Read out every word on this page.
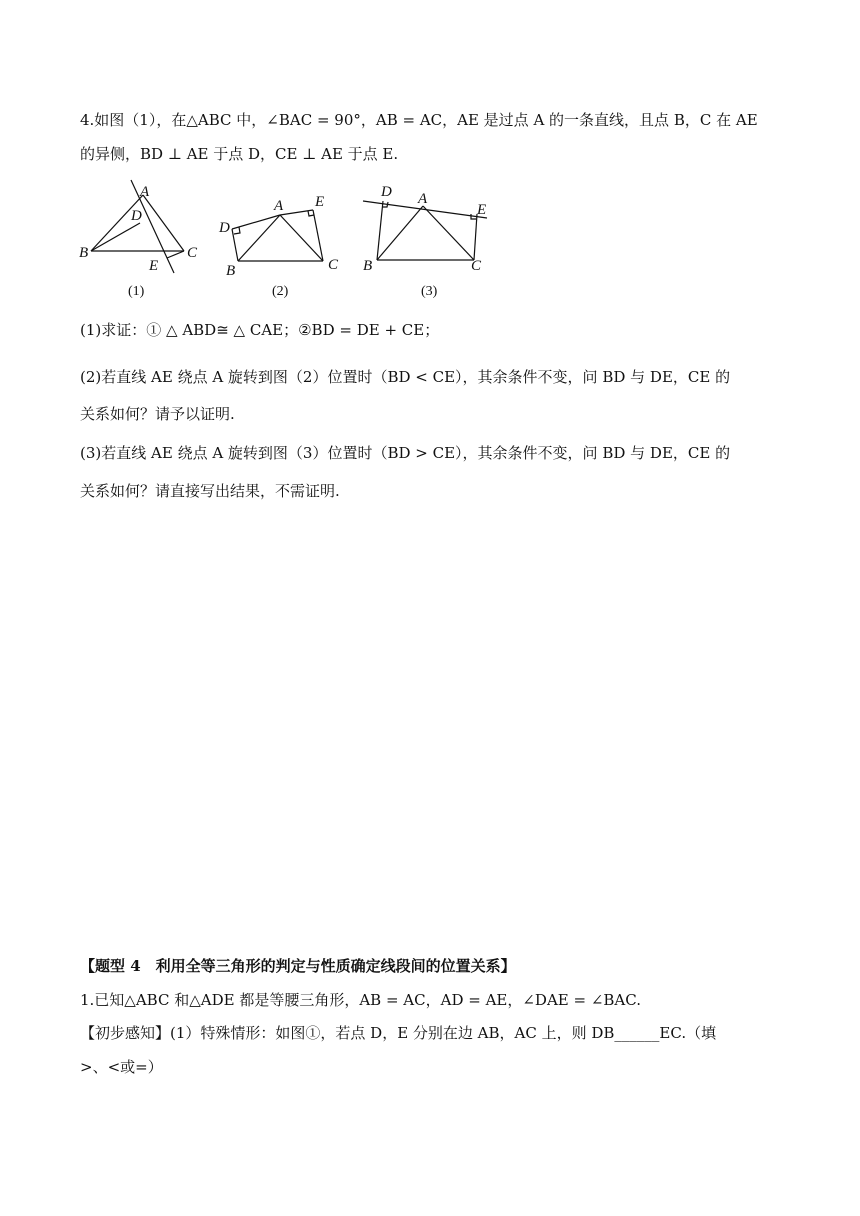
4.如图（1），在△ABC 中，∠BAC = 90°，AB = AC，AE 是过点 A 的一条直线，且点 B，C 在 AE
的异侧，BD ⊥ AE 于点 D，CE ⊥ AE 于点 E.
A
B	C
D
E
(1)
A
B	C
D
E
(2)
A
B	C
D
E
(3)
(1)求证：① △ ABD≅ △ CAE；②BD = DE + CE；
(2)若直线 AE 绕点 A 旋转到图（2）位置时（BD < CE），其余条件不变，问 BD 与 DE，CE 的
关系如何？请予以证明.
(3)若直线 AE 绕点 A 旋转到图（3）位置时（BD > CE），其余条件不变，问 BD 与 DE，CE 的
关系如何？请直接写出结果，不需证明.
【题型 4　利用全等三角形的判定与性质确定线段间的位置关系】
1.已知△ABC 和△ADE 都是等腰三角形，AB = AC，AD = AE，∠DAE = ∠BAC.
【初步感知】(1）特殊情形：如图①，若点 D，E 分别在边 AB，AC 上，则 DB______EC.（填
>、<或=）
